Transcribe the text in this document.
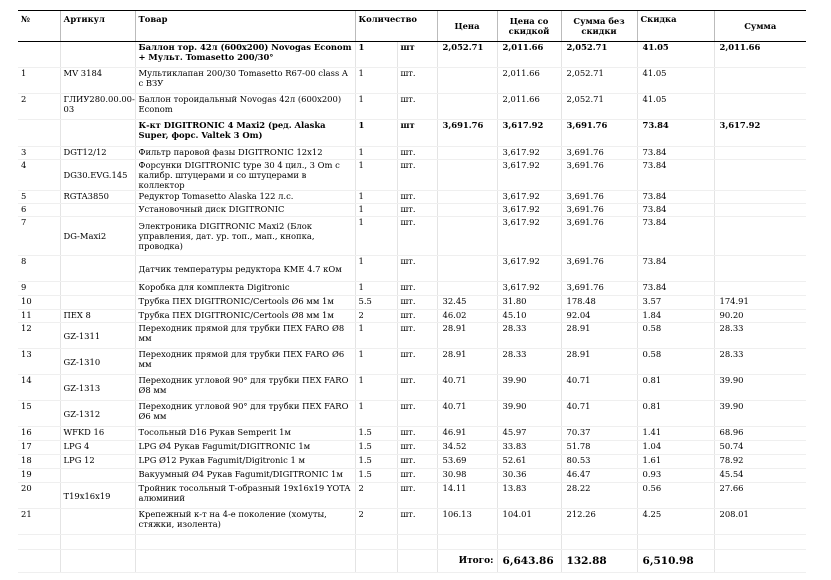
№	Артикул	Товар	Количество		Цена	Цена со скидкой	Сумма без скидки	Скидка	Сумма
		Баллон тор. 42л (600x200) Novogas Econom + Мульт. Tomasetto 200/30°	1	шт	2,052.71	2,011.66	2,052.71	41.05	2,011.66
1	MV 3184	Мультиклапан 200/30 Tomasetto R67-00 class A с ВЗУ	1	шт.		2,011.66	2,052.71	41.05	
2	ГЛИУ280.00.00-03	Баллон тороидальный Novogas 42л (600x200) Econom	1	шт.		2,011.66	2,052.71	41.05	
		К-кт DIGITRONIC 4 Maxi2 (ред. Alaska Super, форс. Valtek 3 Om)	1	шт	3,691.76	3,617.92	3,691.76	73.84	3,617.92
3	DGT12/12	Фильтр паровой фазы DIGITRONIC 12x12	1	шт.		3,617.92	3,691.76	73.84	
4	DG30.EVG.145	Форсунки DIGITRONIC type 30 4 цил., 3 Om с калибр. штуцерами и со штуцерами в коллектор	1	шт.		3,617.92	3,691.76	73.84	
5	RGTA3850	Редуктор Tomasetto Alaska 122 л.с.	1	шт.		3,617.92	3,691.76	73.84	
6		Установочный диск DIGITRONIC	1	шт.		3,617.92	3,691.76	73.84	
7	DG-Maxi2	Электроника DIGITRONIC Maxi2 (Блок управления, дат. ур. топ., мап., кнопка, проводка)	1	шт.		3,617.92	3,691.76	73.84	
8		Датчик температуры редуктора KME 4.7 кОм	1	шт.		3,617.92	3,691.76	73.84	
9		Коробка для комплекта Digitronic	1	шт.		3,617.92	3,691.76	73.84	
10		Трубка ПЕХ DIGITRONIC/Certools Ø6 мм 1м	5.5	шт.	32.45	31.80	178.48	3.57	174.91
11	ПЕХ 8	Трубка ПЕХ DIGITRONIC/Certools Ø8 мм 1м	2	шт.	46.02	45.10	92.04	1.84	90.20
12	GZ-1311	Переходник прямой для трубки ПЕХ FARO Ø8 мм	1	шт.	28.91	28.33	28.91	0.58	28.33
13	GZ-1310	Переходник прямой для трубки ПЕХ FARO Ø6 мм	1	шт.	28.91	28.33	28.91	0.58	28.33
14	GZ-1313	Переходник угловой 90° для трубки ПЕХ FARO Ø8 мм	1	шт.	40.71	39.90	40.71	0.81	39.90
15	GZ-1312	Переходник угловой 90° для трубки ПЕХ FARO Ø6 мм	1	шт.	40.71	39.90	40.71	0.81	39.90
16	WFKD 16	Тосольный D16 Рукав Semperit 1м	1.5	шт.	46.91	45.97	70.37	1.41	68.96
17	LPG 4	LPG Ø4 Рукав Fagumit/DIGITRONIC 1м	1.5	шт.	34.52	33.83	51.78	1.04	50.74
18	LPG 12	LPG Ø12 Рукав Fagumit/Digitronic 1 м	1.5	шт.	53.69	52.61	80.53	1.61	78.92
19		Вакуумный Ø4 Рукав Fagumit/DIGITRONIC 1м	1.5	шт.	30.98	30.36	46.47	0.93	45.54
20	T19x16x19	Тройник тосольный Т-образный 19x16x19 YOTA алюминий	2	шт.	14.11	13.83	28.22	0.56	27.66
21		Крепежный к-т на 4-е поколение (хомуты, стяжки, изолента)	2	шт.	106.13	104.01	212.26	4.25	208.01

					Итого:	6,643.86	132.88	6,510.98	
